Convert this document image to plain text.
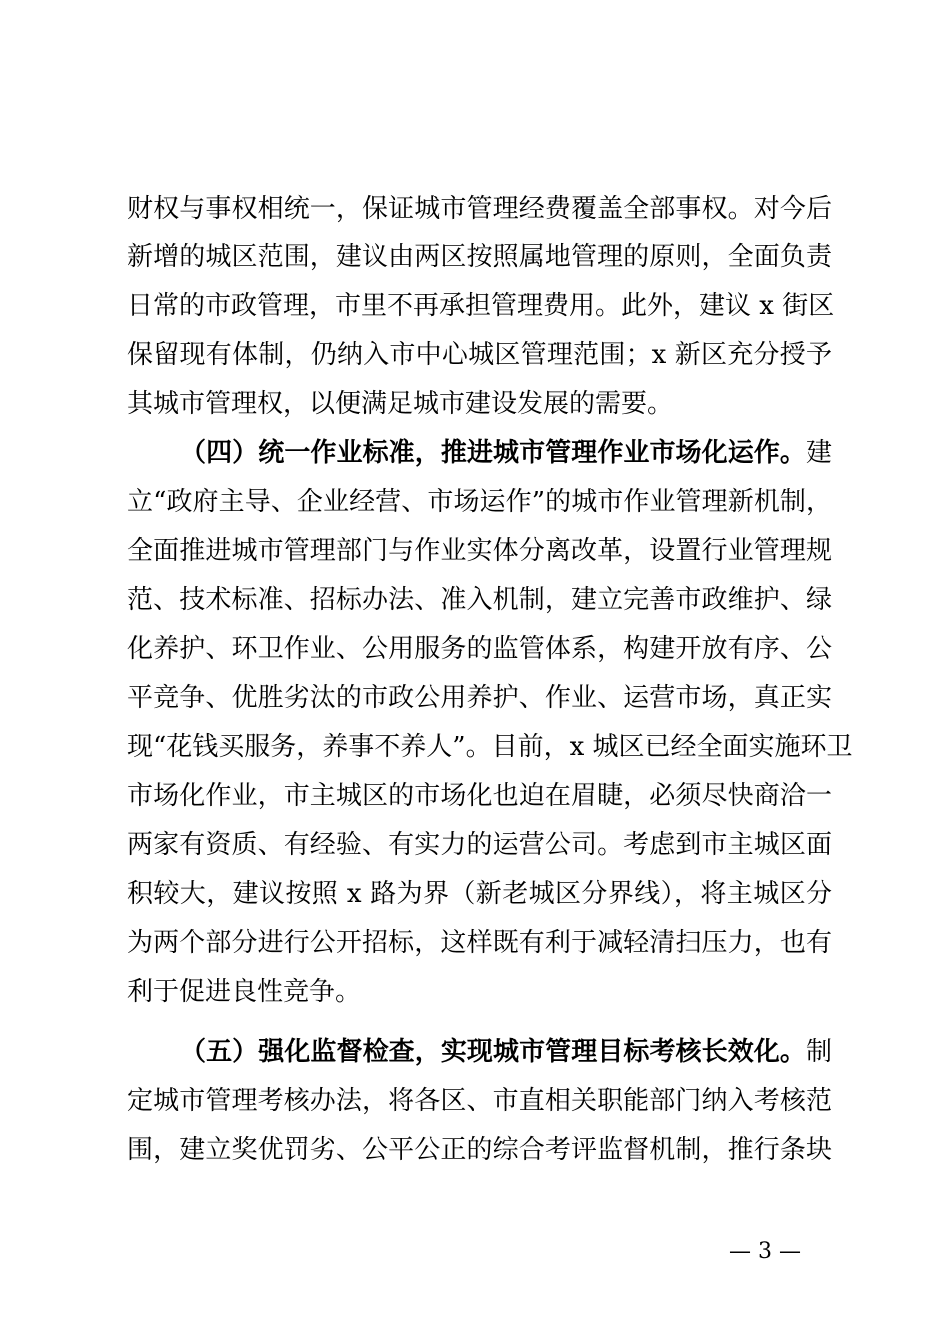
财权与事权相统一，保证城市管理经费覆盖全部事权。对今后
新增的城区范围，建议由两区按照属地管理的原则，全面负责
日常的市政管理，市里不再承担管理费用。此外，建议 x 街区
保留现有体制，仍纳入市中心城区管理范围；x 新区充分授予
其城市管理权，以便满足城市建设发展的需要。
（四）统一作业标准，推进城市管理作业市场化运作。建
立“政府主导、企业经营、市场运作”的城市作业管理新机制，
全面推进城市管理部门与作业实体分离改革，设置行业管理规
范、技术标准、招标办法、准入机制，建立完善市政维护、绿
化养护、环卫作业、公用服务的监管体系，构建开放有序、公
平竞争、优胜劣汰的市政公用养护、作业、运营市场，真正实
现“花钱买服务，养事不养人”。目前，x 城区已经全面实施环卫
市场化作业，市主城区的市场化也迫在眉睫，必须尽快商洽一
两家有资质、有经验、有实力的运营公司。考虑到市主城区面
积较大，建议按照 x 路为界（新老城区分界线），将主城区分
为两个部分进行公开招标，这样既有利于减轻清扫压力，也有
利于促进良性竞争。
（五）强化监督检查，实现城市管理目标考核长效化。制
定城市管理考核办法，将各区、市直相关职能部门纳入考核范
围，建立奖优罚劣、公平公正的综合考评监督机制，推行条块
— 3 —
